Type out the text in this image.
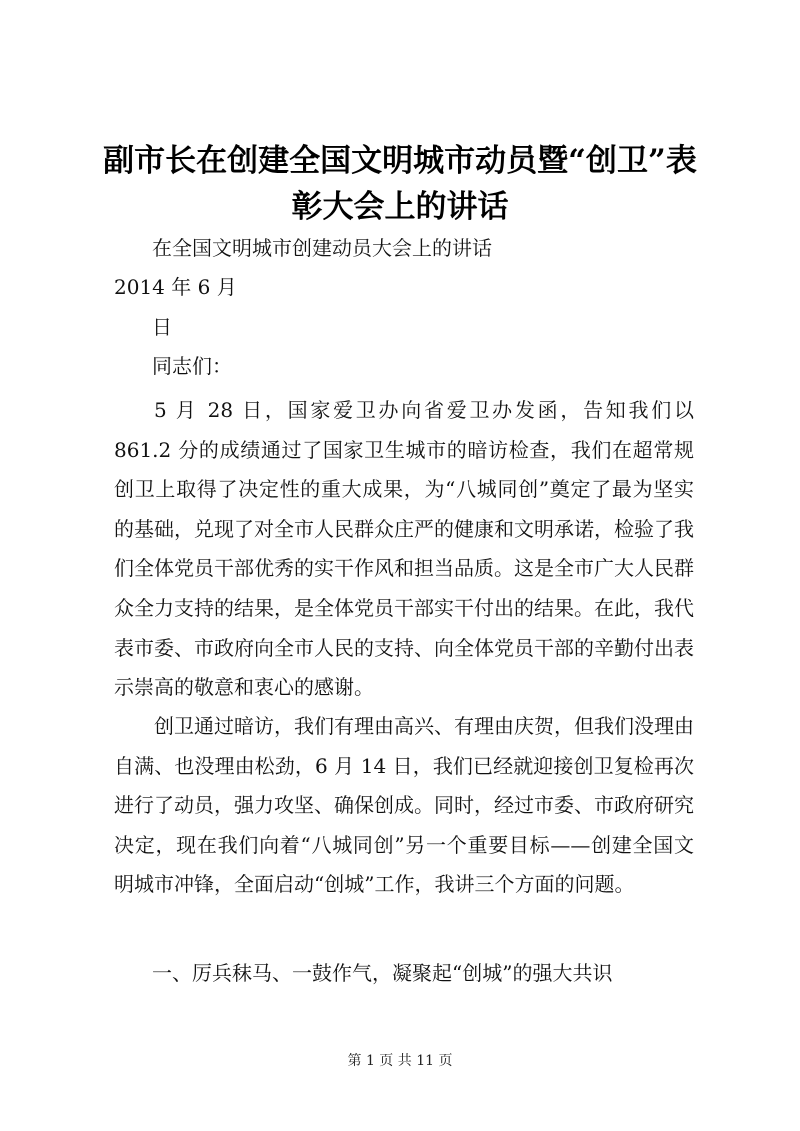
副市长在创建全国文明城市动员暨“创卫”表
彰大会上的讲话

在全国文明城市创建动员大会上的讲话

2014 年 6 月

日

同志们：

5 月 28 日，国家爱卫办向省爱卫办发函，告知我们以 861.2 分的成绩通过了国家卫生城市的暗访检查，我们在超常规创卫上取得了决定性的重大成果，为“八城同创”奠定了最为坚实的基础，兑现了对全市人民群众庄严的健康和文明承诺，检验了我们全体党员干部优秀的实干作风和担当品质。这是全市广大人民群众全力支持的结果，是全体党员干部实干付出的结果。在此，我代表市委、市政府向全市人民的支持、向全体党员干部的辛勤付出表示崇高的敬意和衷心的感谢。

创卫通过暗访，我们有理由高兴、有理由庆贺，但我们没理由自满、也没理由松劲，6 月 14 日，我们已经就迎接创卫复检再次进行了动员，强力攻坚、确保创成。同时，经过市委、市政府研究决定，现在我们向着“八城同创”另一个重要目标——创建全国文明城市冲锋，全面启动“创城”工作，我讲三个方面的问题。

一、厉兵秣马、一鼓作气，凝聚起“创城”的强大共识

第 1 页 共 11 页
